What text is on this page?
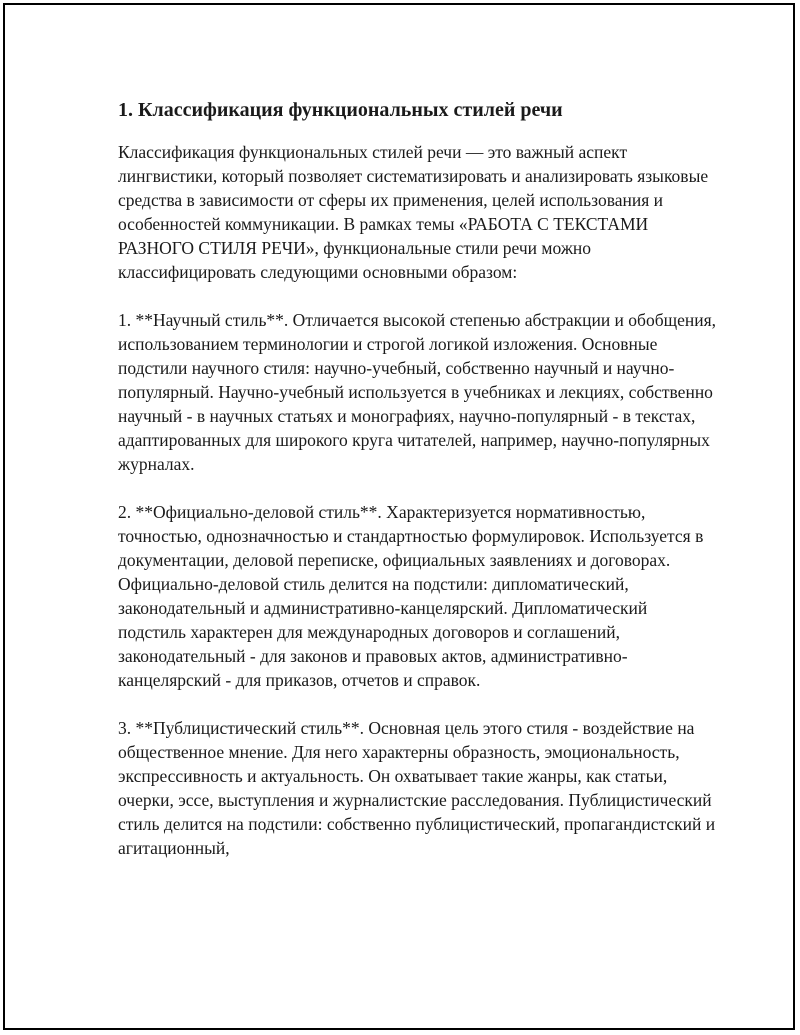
1. Классификация функциональных стилей речи

Классификация функциональных стилей речи — это важный аспект лингвистики, который позволяет систематизировать и анализировать языковые средства в зависимости от сферы их применения, целей использования и особенностей коммуникации. В рамках темы «РАБОТА С ТЕКСТАМИ РАЗНОГО СТИЛЯ РЕЧИ», функциональные стили речи можно классифицировать следующими основными образом:

1. **Научный стиль**. Отличается высокой степенью абстракции и обобщения, использованием терминологии и строгой логикой изложения. Основные подстили научного стиля: научно-учебный, собственно научный и научно-популярный. Научно-учебный используется в учебниках и лекциях, собственно научный - в научных статьях и монографиях, научно-популярный - в текстах, адаптированных для широкого круга читателей, например, научно-популярных журналах.

2. **Официально-деловой стиль**. Характеризуется нормативностью, точностью, однозначностью и стандартностью формулировок. Используется в документации, деловой переписке, официальных заявлениях и договорах. Официально-деловой стиль делится на подстили: дипломатический, законодательный и административно-канцелярский. Дипломатический подстиль характерен для международных договоров и соглашений, законодательный - для законов и правовых актов, административно-канцелярский - для приказов, отчетов и справок.

3. **Публицистический стиль**. Основная цель этого стиля - воздействие на общественное мнение. Для него характерны образность, эмоциональность, экспрессивность и актуальность. Он охватывает такие жанры, как статьи, очерки, эссе, выступления и журналистские расследования. Публицистический стиль делится на подстили: собственно публицистический, пропагандистский и агитационный,
